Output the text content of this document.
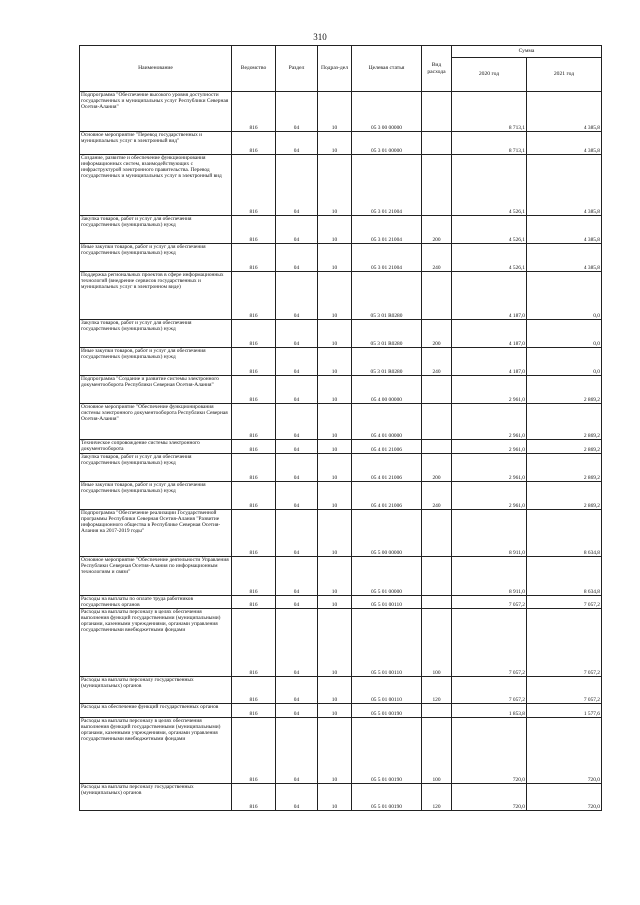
310
Наименование	Ведомство	Раздел	Подраз-дел	Целевая статья	Вид расхода	Сумма	
						2020 год	2021 год
Подпрограмма "Обеспечение высокого уровня доступности государственных и муниципальных услуг Республики Северная Осетия-Алания"	816	04	10	05 3 00 00000		8 713,1	4 385,8
Основное мероприятие "Перевод государственных и муниципальных услуг в электронный вид"	816	04	10	05 3 01 00000		8 713,1	4 385,8
Создание, развитие и обеспечение функционирования информационных систем, взаимодействующих с инфраструктурой электронного правительства. Перевод государственных и муниципальных услуг в электронный вид	816	04	10	05 3 01 21004		4 526,1	4 385,8
Закупка товаров, работ и услуг для обеспечения государственных (муниципальных) нужд	816	04	10	05 3 01 21004	200	4 526,1	4 385,8
Иные закупки товаров, работ и услуг для обеспечения государственных (муниципальных) нужд	816	04	10	05 3 01 21004	240	4 526,1	4 385,8
Поддержка региональных проектов в сфере информационных технологий (внедрение сервисов государственных и муниципальных услуг в электронном виде)	816	04	10	05 3 01 R0280		4 187,0	0,0
Закупка товаров, работ и услуг для обеспечения государственных (муниципальных) нужд	816	04	10	05 3 01 R0280	200	4 187,0	0,0
Иные закупки товаров, работ и услуг для обеспечения государственных (муниципальных) нужд	816	04	10	05 3 01 R0280	240	4 187,0	0,0
Подпрограмма "Создание и развитие системы электронного документооборота Республики Северная Осетия-Алания"	816	04	10	05 4 00 00000		2 961,0	2 869,2
Основное мероприятие "Обеспечение функционирования системы электронного документооборота Республики Северная Осетия-Алания"	816	04	10	05 4 01 00000		2 961,0	2 869,2
Техническое сопровождение системы электронного документооборота	816	04	10	05 4 01 21006		2 961,0	2 869,2
Закупка товаров, работ и услуг для обеспечения государственных (муниципальных) нужд	816	04	10	05 4 01 21006	200	2 961,0	2 869,2
Иные закупки товаров, работ и услуг для обеспечения государственных (муниципальных) нужд	816	04	10	05 4 01 21006	240	2 961,0	2 869,2
Подпрограмма "Обеспечение реализации Государственной программы Республики Северная Осетия-Алания "Развитие информационного общества в Республике Северная Осетия-Алания на 2017-2019 годы"	816	04	10	05 5 00 00000		8 911,0	8 634,8
Основное мероприятие "Обеспечение деятельности Управления Республики Северная Осетия-Алания по информационным технологиям и связи"	816	04	10	05 5 01 00000		8 911,0	8 634,8
Расходы на выплаты по оплате труда работников государственных органов	816	04	10	05 5 01 00110		7 057,2	7 057,2
Расходы на выплаты персоналу в целях обеспечения выполнения функций государственными (муниципальными) органами, казенными учреждениями, органами управления государственными внебюджетными фондами	816	04	10	05 5 01 00110	100	7 057,2	7 057,2
Расходы на выплаты персоналу государственных (муниципальных) органов	816	04	10	05 5 01 00110	120	7 057,2	7 057,2
Расходы на обеспечение функций государственных органов	816	04	10	05 5 01 00190		1 853,8	1 577,6
Расходы на выплаты персоналу в целях обеспечения выполнения функций государственными (муниципальными) органами, казенными учреждениями, органами управления государственными внебюджетными фондами	816	04	10	05 5 01 00190	100	720,0	720,0
Расходы на выплаты персоналу государственных (муниципальных) органов	816	04	10	05 5 01 00190	120	720,0	720,0
